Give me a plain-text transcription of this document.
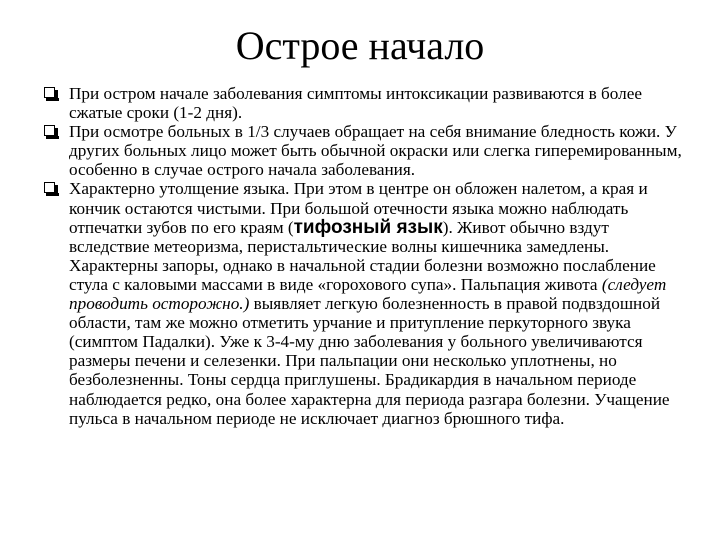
Острое начало
При остром начале заболевания симптомы интоксикации развиваются в более сжатые сроки (1-2 дня).
При осмотре больных в 1/3 случаев обращает на себя внимание бледность кожи. У других больных лицо может быть обычной окраски или слегка гиперемированным, особенно в случае острого начала заболевания.
Характерно утолщение языка. При этом в центре он обложен налетом, а края и кончик остаются чистыми. При большой отечности языка можно наблюдать отпечатки зубов по его краям (тифозный язык). Живот обычно вздут вследствие метеоризма, перистальтические волны кишечника замедлены. Характерны запоры, однако в начальной стадии болезни возможно послабление стула с каловыми массами в виде «горохового супа». Пальпация живота (следует проводить осторожно.) выявляет легкую болезненность в правой подвздошной области, там же можно отметить урчание и притупление перкуторного звука (симптом Падалки). Уже к 3-4-му дню заболевания у больного увеличиваются размеры печени и селезенки. При пальпации они несколько уплотнены, но безболезненны. Тоны сердца приглушены. Брадикардия в начальном периоде наблюдается редко, она более характерна для периода разгара болезни. Учащение пульса в начальном периоде не исключает диагноз брюшного тифа.
